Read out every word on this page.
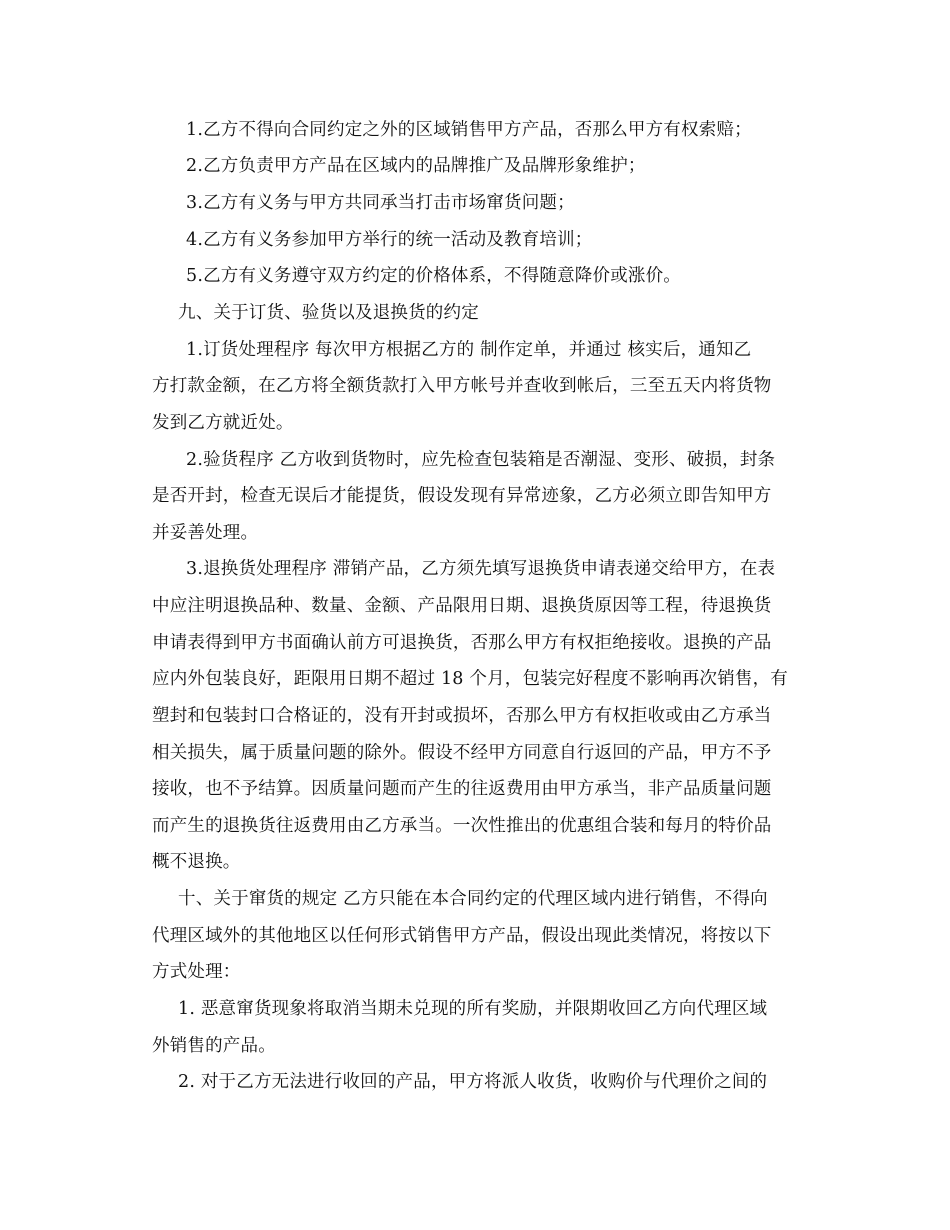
1.乙方不得向合同约定之外的区域销售甲方产品，否那么甲方有权索赔；
2.乙方负责甲方产品在区域内的品牌推广及品牌形象维护；
3.乙方有义务与甲方共同承当打击市场窜货问题；
4.乙方有义务参加甲方举行的统一活动及教育培训；
5.乙方有义务遵守双方约定的价格体系，不得随意降价或涨价。
九、关于订货、验货以及退换货的约定
1.订货处理程序 每次甲方根据乙方的 制作定单，并通过 核实后，通知乙
方打款金额，在乙方将全额货款打入甲方帐号并查收到帐后，三至五天内将货物
发到乙方就近处。
2.验货程序 乙方收到货物时，应先检查包装箱是否潮湿、变形、破损，封条
是否开封，检查无误后才能提货，假设发现有异常迹象，乙方必须立即告知甲方
并妥善处理。
3.退换货处理程序 滞销产品，乙方须先填写退换货申请表递交给甲方，在表
中应注明退换品种、数量、金额、产品限用日期、退换货原因等工程，待退换货
申请表得到甲方书面确认前方可退换货，否那么甲方有权拒绝接收。退换的产品
应内外包装良好，距限用日期不超过 18 个月，包装完好程度不影响再次销售，有
塑封和包装封口合格证的，没有开封或损坏，否那么甲方有权拒收或由乙方承当
相关损失，属于质量问题的除外。假设不经甲方同意自行返回的产品，甲方不予
接收，也不予结算。因质量问题而产生的往返费用由甲方承当，非产品质量问题
而产生的退换货往返费用由乙方承当。一次性推出的优惠组合装和每月的特价品
概不退换。
十、关于窜货的规定 乙方只能在本合同约定的代理区域内进行销售，不得向
代理区域外的其他地区以任何形式销售甲方产品，假设出现此类情况，将按以下
方式处理：
1. 恶意窜货现象将取消当期未兑现的所有奖励，并限期收回乙方向代理区域
外销售的产品。
2. 对于乙方无法进行收回的产品，甲方将派人收货，收购价与代理价之间的
